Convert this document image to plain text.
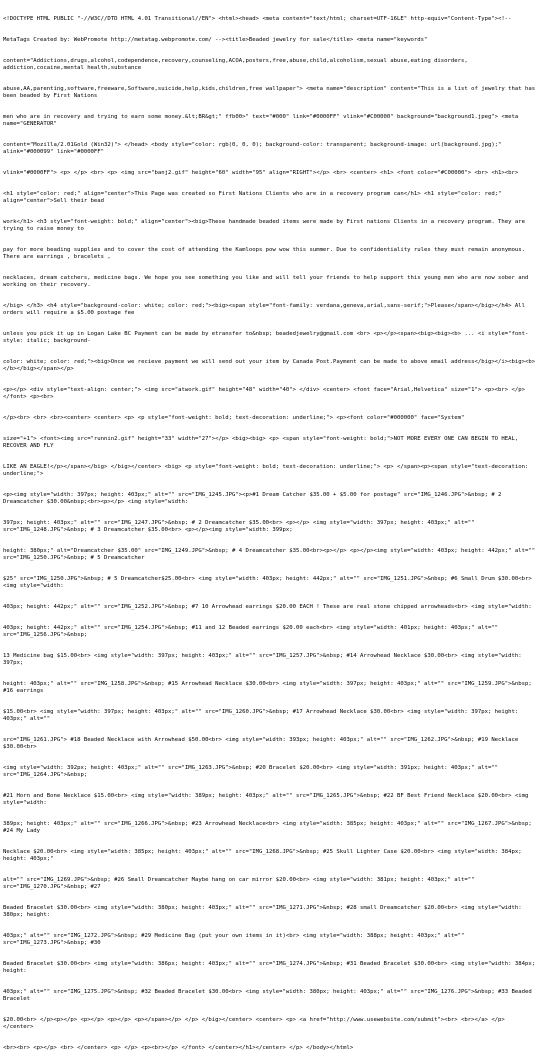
<!DOCTYPE HTML PUBLIC "-//W3C//DTD HTML 4.01 Transitional//EN"> <html><head> <meta content="text/html; charset=UTF-16LE" http-equiv="Content-Type"><!--

MetaTags Created by: WebPromote http://metatag.webpromote.com/ --><title>Beaded jewelry for sale</title> <meta name="keywords"

content="Addictions,drugs,alcohol,codependence,recovery,counseling,ACOA,posters,free,abuse,child,alcoholism,sexual abuse,eating disorders, addiction,cocaine,mental health,substance

abuse,AA,parenting,software,freeware,Software,suicide,help,kids,children,free wallpaper"> <meta name="description" content="This is a list of jewelry that has been beaded by First Nations

men who are in recovery and trying to earn some money.&lt;BR&gt;" ffb00>" text="#000" link="#0000FF" vlink="#C00000" background="background1.jpeg"> <meta name="GENERATOR"

content="Mozilla/2.01Gold (Win32)"> </head> <body style="color: rgb(0, 0, 0); background-color: transparent; background-image: url(background.jpg);" alink="#000099" link="#0000FF"

vlink="#0000FF"> <p> </p> <br> <p> <img src="banj2.gif" height="60" width="95" align="RIGHT"></p> <br> <center> <h1> <font color="#C00000"> <br> <h1><br>

<h1 style="color: red;" align="center">This Page was created so First Nations Clients who are in a recovery program can</h1> <h1 style="color: red;" align="center">Sell their bead

work</h1> <h3 style="font-weight: bold;" align="center"><big>These handmade beaded items were made by First nations Clients in a recovery program. They are trying to raise money to

pay for more beading supplies and to cover the cost of attending the Kamloops pow wow this summer. Due to confidentiality rules they must remain anonymous. There are earrings , bracelets ,

necklaces, dream catchers, medicine bags. We hope you see something you like and will tell your friends to help support this young men who are now sober and working on their recovery.

</big> </h3> <h4 style="background-color: white; color: red;"><big><span style="font-family: verdana,geneva,arial,sans-serif;">Please</span></big></h4> All orders will require a $5.00 postage fee

unless you pick it up in Logan Lake BC Payment can be made by etransfer to&nbsp; beadedjewelry@gmail.com <br> <p></p><span><big><big><b> ... <i style="font-style: italic; background-

color: white; color: red;"><big>Once we recieve payment we will send out your item by Canada Post.Payment can be made to above email address</big></i><big><b> </b></big></span></p>

<p></p> <div style="text-align: center;"> <img src="atwork.gif" height="48" width="40"> </div> <center> <font face="Arial,Helvetica" size="1"> <p><br> </p> </font> <p><br>

</p><br> <br> <br><center> <center> <p> <p style="font-weight: bold; text-decoration: underline;"> <p><font color="#000000" face="System"

size="+1"> <font><img src="runnin2.gif" height="33" width="27"></p> <big><big> <p> <span style="font-weight: bold;">NOT MORE EVERY ONE CAN BEGIN TO HEAL, RECOVER AND FLY

LIKE AN EAGLE!</p></span></big> </big></center> <big> <p style="font-weight: bold; text-decoration: underline;"> <p> </span><p><span style="text-decoration: underline;">

<p><img style="width: 397px; height: 403px;" alt="" src="IMG_1245.JPG"><p>#1 Dream Catcher $35.00 + $5.00 for postage" src="IMG_1246.JPG">&nbsp; # 2 Dreamcatcher $30.00&nbsp;<br><p></p> <img style="width:

397px; height: 403px;" alt="" src="IMG_1247.JPG">&nbsp; # 2 Dreamcatcher $35.00<br> <p></p> <img style="width: 397px; height: 403px;" alt="" src="IMG_1248.JPG">&nbsp; # 3 Dreamcatcher $35.00<br> <p></p><img style="width: 399px;

height: 380px;" alt="Dreamcatcher $35.00" src="IMG_1249.JPG">&nbsp; # 4 Dreamcatcher $35.00<br><p></p> <p></p><img style="width: 403px; height: 442px;" alt="" src="IMG_1250.JPG">&nbsp; # 5 Dreamcatcher

$25" src="IMG_1250.JPG">&nbsp; # 5 Dreamcatcher$25.00<br> <img style="width: 403px; height: 442px;" alt="" src="IMG_1251.JPG">&nbsp; #6 Small Drum $30.00<br> <img style="width:

403px; height: 442px;" alt="" src="IMG_1252.JPG">&nbsp; #7 10 Arrowhead earrings $20.00 EACH ! These are real stone chipped arrowheads<br> <img style="width:

403px; height: 442px;" alt="" src="IMG_1254.JPG">&nbsp; #11 and 12 Beaded earrings $20.00 each<br> <img style="width: 401px; height: 403px;" alt="" src="IMG_1256.JPG">&nbsp;

13 Medicine bag $15.00<br> <img style="width: 397px; height: 403px;" alt="" src="IMG_1257.JPG">&nbsp; #14 Arrowhead Necklace $30.00<br> <img style="width: 397px;

height: 403px;" alt="" src="IMG_1258.JPG">&nbsp; #15 Arrowhead Necklace $30.00<br> <img style="width: 397px; height: 403px;" alt="" src="IMG_1259.JPG">&nbsp; #16 earrings

$15.00<br> <img style="width: 397px; height: 403px;" alt="" src="IMG_1260.JPG">&nbsp; #17 Arrowhead Necklace $30.00<br> <img style="width: 397px; height: 403px;" alt=""

src="IMG_1261.JPG"> #18 Beaded Necklace with Arrowhead $50.00<br> <img style="width: 393px; height: 403px;" alt="" src="IMG_1262.JPG">&nbsp; #19 Necklace $30.00<br>

<img style="width: 392px; height: 403px;" alt="" src="IMG_1263.JPG">&nbsp; #20 Bracelet $20.00<br> <img style="width: 391px; height: 403px;" alt="" src="IMG_1264.JPG">&nbsp;

#21 Horn and Bone Necklace $15.00<br> <img style="width: 389px; height: 403px;" alt="" src="IMG_1265.JPG">&nbsp; #22 BF Best Friend Necklace $20.00<br> <img style="width:

389px; height: 403px;" alt="" src="IMG_1266.JPG">&nbsp; #23 Arrowhead Necklace<br> <img style="width: 385px; height: 403px;" alt="" src="IMG_1267.JPG">&nbsp; #24 My Lady

Necklace $20.00<br> <img style="width: 385px; height: 403px;" alt="" src="IMG_1268.JPG">&nbsp; #25 Skull Lighter Case $20.00<br> <img style="width: 384px; height: 403px;"

alt="" src="IMG_1269.JPG">&nbsp; #26 Small Dreamcatcher Maybe hang on car mirror $20.00<br> <img style="width: 381px; height: 403px;" alt="" src="IMG_1270.JPG">&nbsp; #27

Beaded Bracelet $30.00<br> <img style="width: 380px; height: 403px;" alt="" src="IMG_1271.JPG">&nbsp; #28 small Dreamcatcher $20.00<br> <img style="width: 380px; height:

403px;" alt="" src="IMG_1272.JPG">&nbsp; #29 Medicine Bag (put your own items in it)<br> <img style="width: 388px; height: 403px;" alt="" src="IMG_1273.JPG">&nbsp; #30

Beaded Bracelet $30.00<br> <img style="width: 386px; height: 403px;" alt="" src="IMG_1274.JPG">&nbsp; #31 Beaded Bracelet $30.00<br> <img style="width: 384px; height:

403px;" alt="" src="IMG_1275.JPG">&nbsp; #32 Beaded Bracelet $30.00<br> <img style="width: 380px; height: 403px;" alt="" src="IMG_1276.JPG">&nbsp; #33 Beaded Bracelet

$20.00<br> </p><p></p> <p></p> <p></p> <p></span></p> </p> </big></center> <center> <p> <a href="http://www.usewebsite.com/submit"><br> <br></a> </p> </center>

<br><br> <p></p> <br> </center> <p> </p> <p><br></p> </font> </center></h1></center> </p> </body></html>
